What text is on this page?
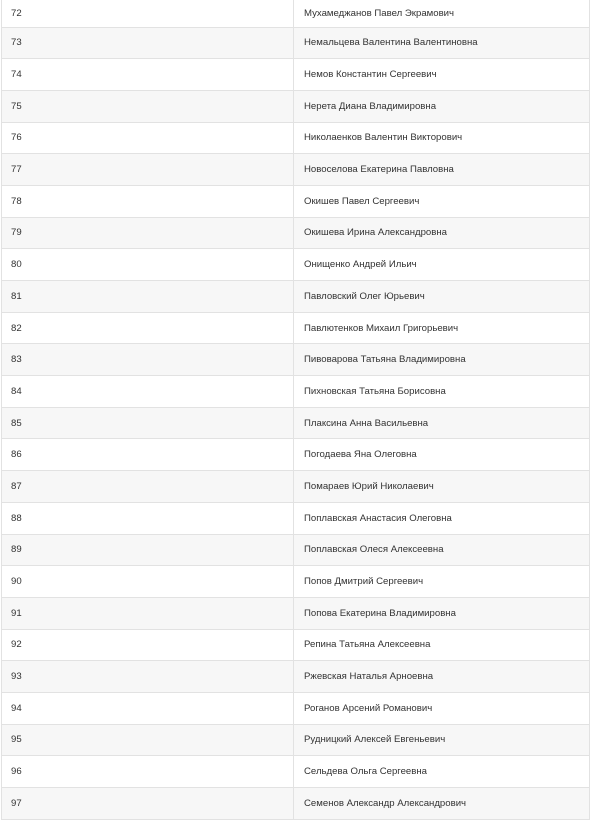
72	Мухамеджанов Павел Экрамович
73	Немальцева Валентина Валентиновна
74	Немов Константин Сергеевич
75	Нерета Диана Владимировна
76	Николаенков Валентин Викторович
77	Новоселова Екатерина Павловна
78	Окишев Павел Сергеевич
79	Окишева Ирина Александровна
80	Онищенко Андрей Ильич
81	Павловский Олег Юрьевич
82	Павлютенков Михаил Григорьевич
83	Пивоварова Татьяна Владимировна
84	Пихновская Татьяна Борисовна
85	Плаксина Анна Васильевна
86	Погодаева Яна Олеговна
87	Помараев Юрий Николаевич
88	Поплавская Анастасия Олеговна
89	Поплавская Олеся Алексеевна
90	Попов Дмитрий Сергеевич
91	Попова Екатерина Владимировна
92	Репина Татьяна Алексеевна
93	Ржевская Наталья Арноевна
94	Роганов Арсений Романович
95	Рудницкий Алексей Евгеньевич
96	Сельдева Ольга Сергеевна
97	Семенов Александр Александрович
